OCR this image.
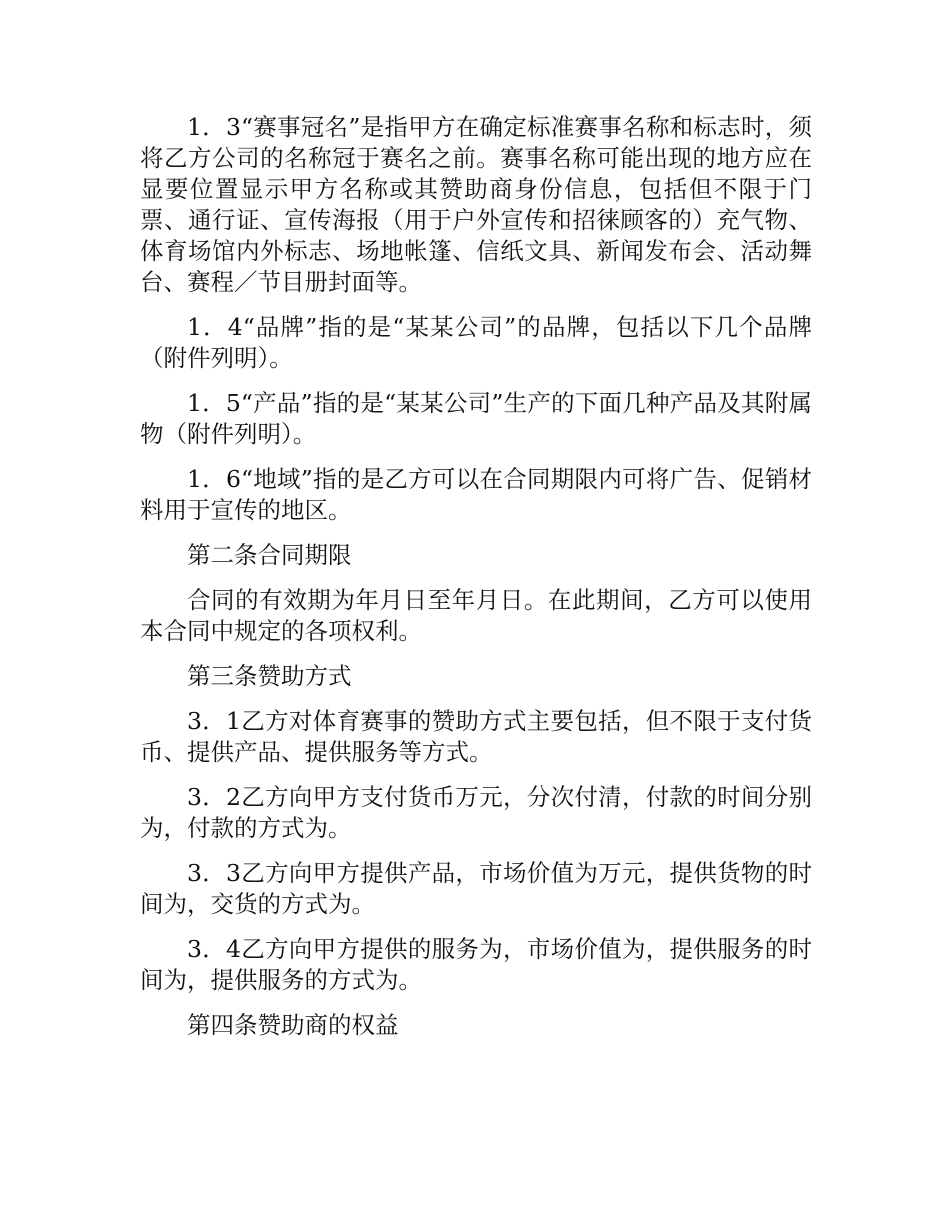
1．3“赛事冠名”是指甲方在确定标准赛事名称和标志时，须将乙方公司的名称冠于赛名之前。赛事名称可能出现的地方应在显要位置显示甲方名称或其赞助商身份信息，包括但不限于门票、通行证、宣传海报（用于户外宣传和招徕顾客的）充气物、体育场馆内外标志、场地帐篷、信纸文具、新闻发布会、活动舞台、赛程／节目册封面等。

1．4“品牌”指的是“某某公司”的品牌，包括以下几个品牌（附件列明）。

1．5“产品”指的是“某某公司”生产的下面几种产品及其附属物（附件列明）。

1．6“地域”指的是乙方可以在合同期限内可将广告、促销材料用于宣传的地区。

第二条合同期限

合同的有效期为年月日至年月日。在此期间，乙方可以使用本合同中规定的各项权利。

第三条赞助方式

3．1乙方对体育赛事的赞助方式主要包括，但不限于支付货币、提供产品、提供服务等方式。

3．2乙方向甲方支付货币万元，分次付清，付款的时间分别为，付款的方式为。

3．3乙方向甲方提供产品，市场价值为万元，提供货物的时间为，交货的方式为。

3．4乙方向甲方提供的服务为，市场价值为，提供服务的时间为，提供服务的方式为。

第四条赞助商的权益
